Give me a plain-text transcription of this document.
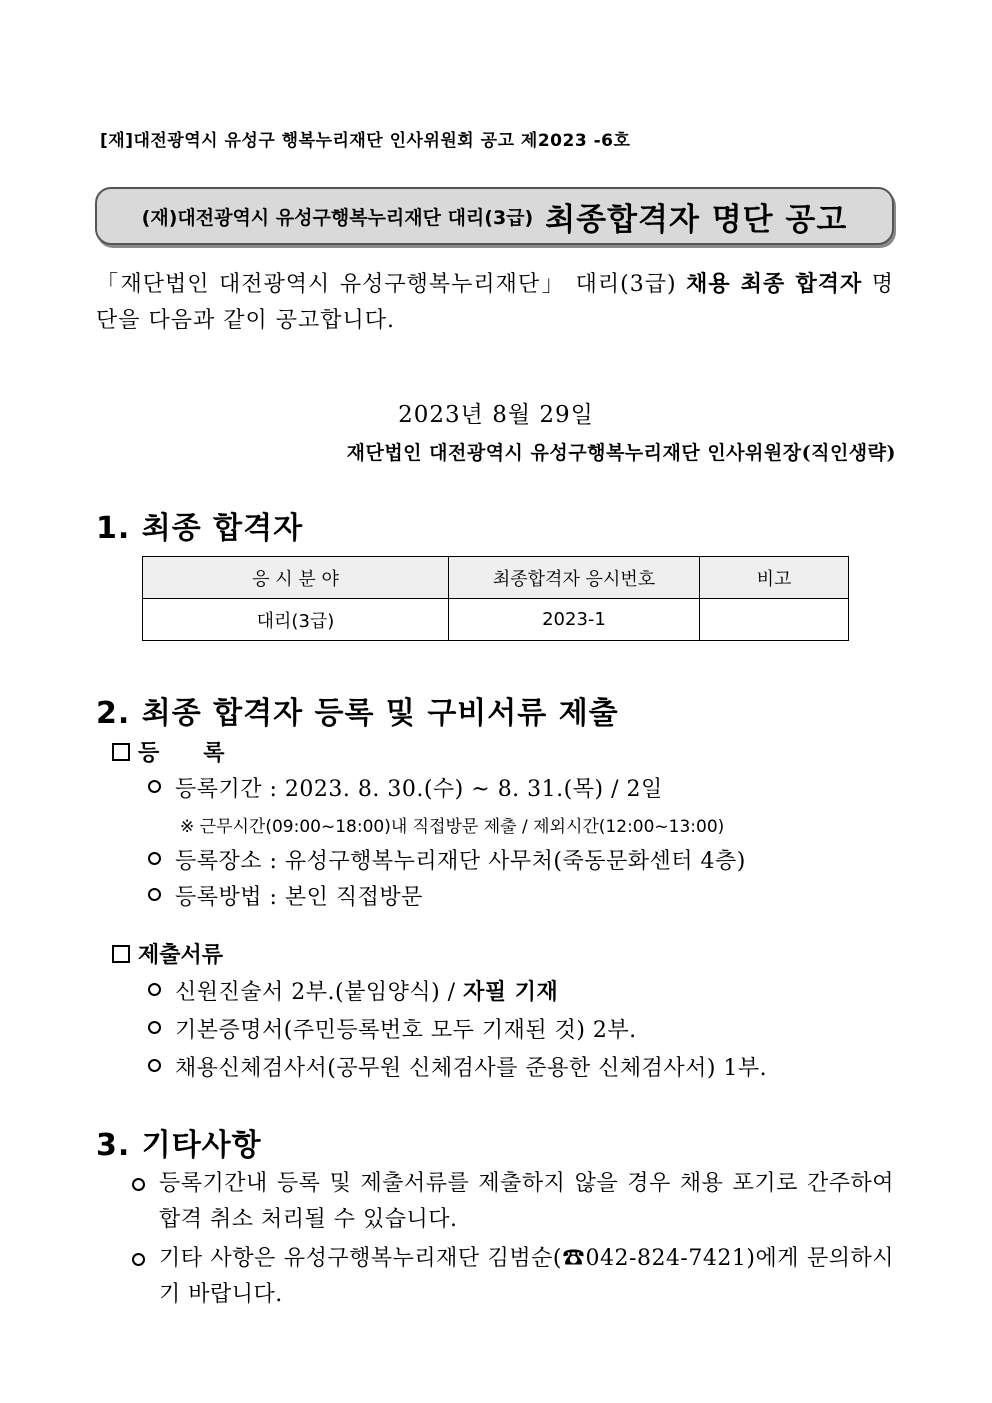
[재]대전광역시 유성구 행복누리재단 인사위원회 공고 제2023 -6호
(재)대전광역시 유성구행복누리재단 대리(3급) 최종합격자 명단 공고
「재단법인 대전광역시 유성구행복누리재단」 대리(3급) 채용 최종 합격자 명단을 다음과 같이 공고합니다.
2023년 8월 29일
재단법인 대전광역시 유성구행복누리재단 인사위원장(직인생략)
1. 최종 합격자
응 시 분 야	최종합격자 응시번호	비고
대리(3급)	2023-1	
2. 최종 합격자 등록 및 구비서류 제출
등　　록
등록기간 : 2023. 8. 30.(수) ~ 8. 31.(목) / 2일
※ 근무시간(09:00~18:00)내 직접방문 제출 / 제외시간(12:00~13:00)
등록장소 : 유성구행복누리재단 사무처(죽동문화센터 4층)
등록방법 : 본인 직접방문
제출서류
신원진술서 2부.(붙임양식) / 자필 기재
기본증명서(주민등록번호 모두 기재된 것) 2부.
채용신체검사서(공무원 신체검사를 준용한 신체검사서) 1부.
3. 기타사항
등록기간내 등록 및 제출서류를 제출하지 않을 경우 채용 포기로 간주하여 합격 취소 처리될 수 있습니다.
기타 사항은 유성구행복누리재단 김범순(☎042-824-7421)에게 문의하시기 바랍니다.
